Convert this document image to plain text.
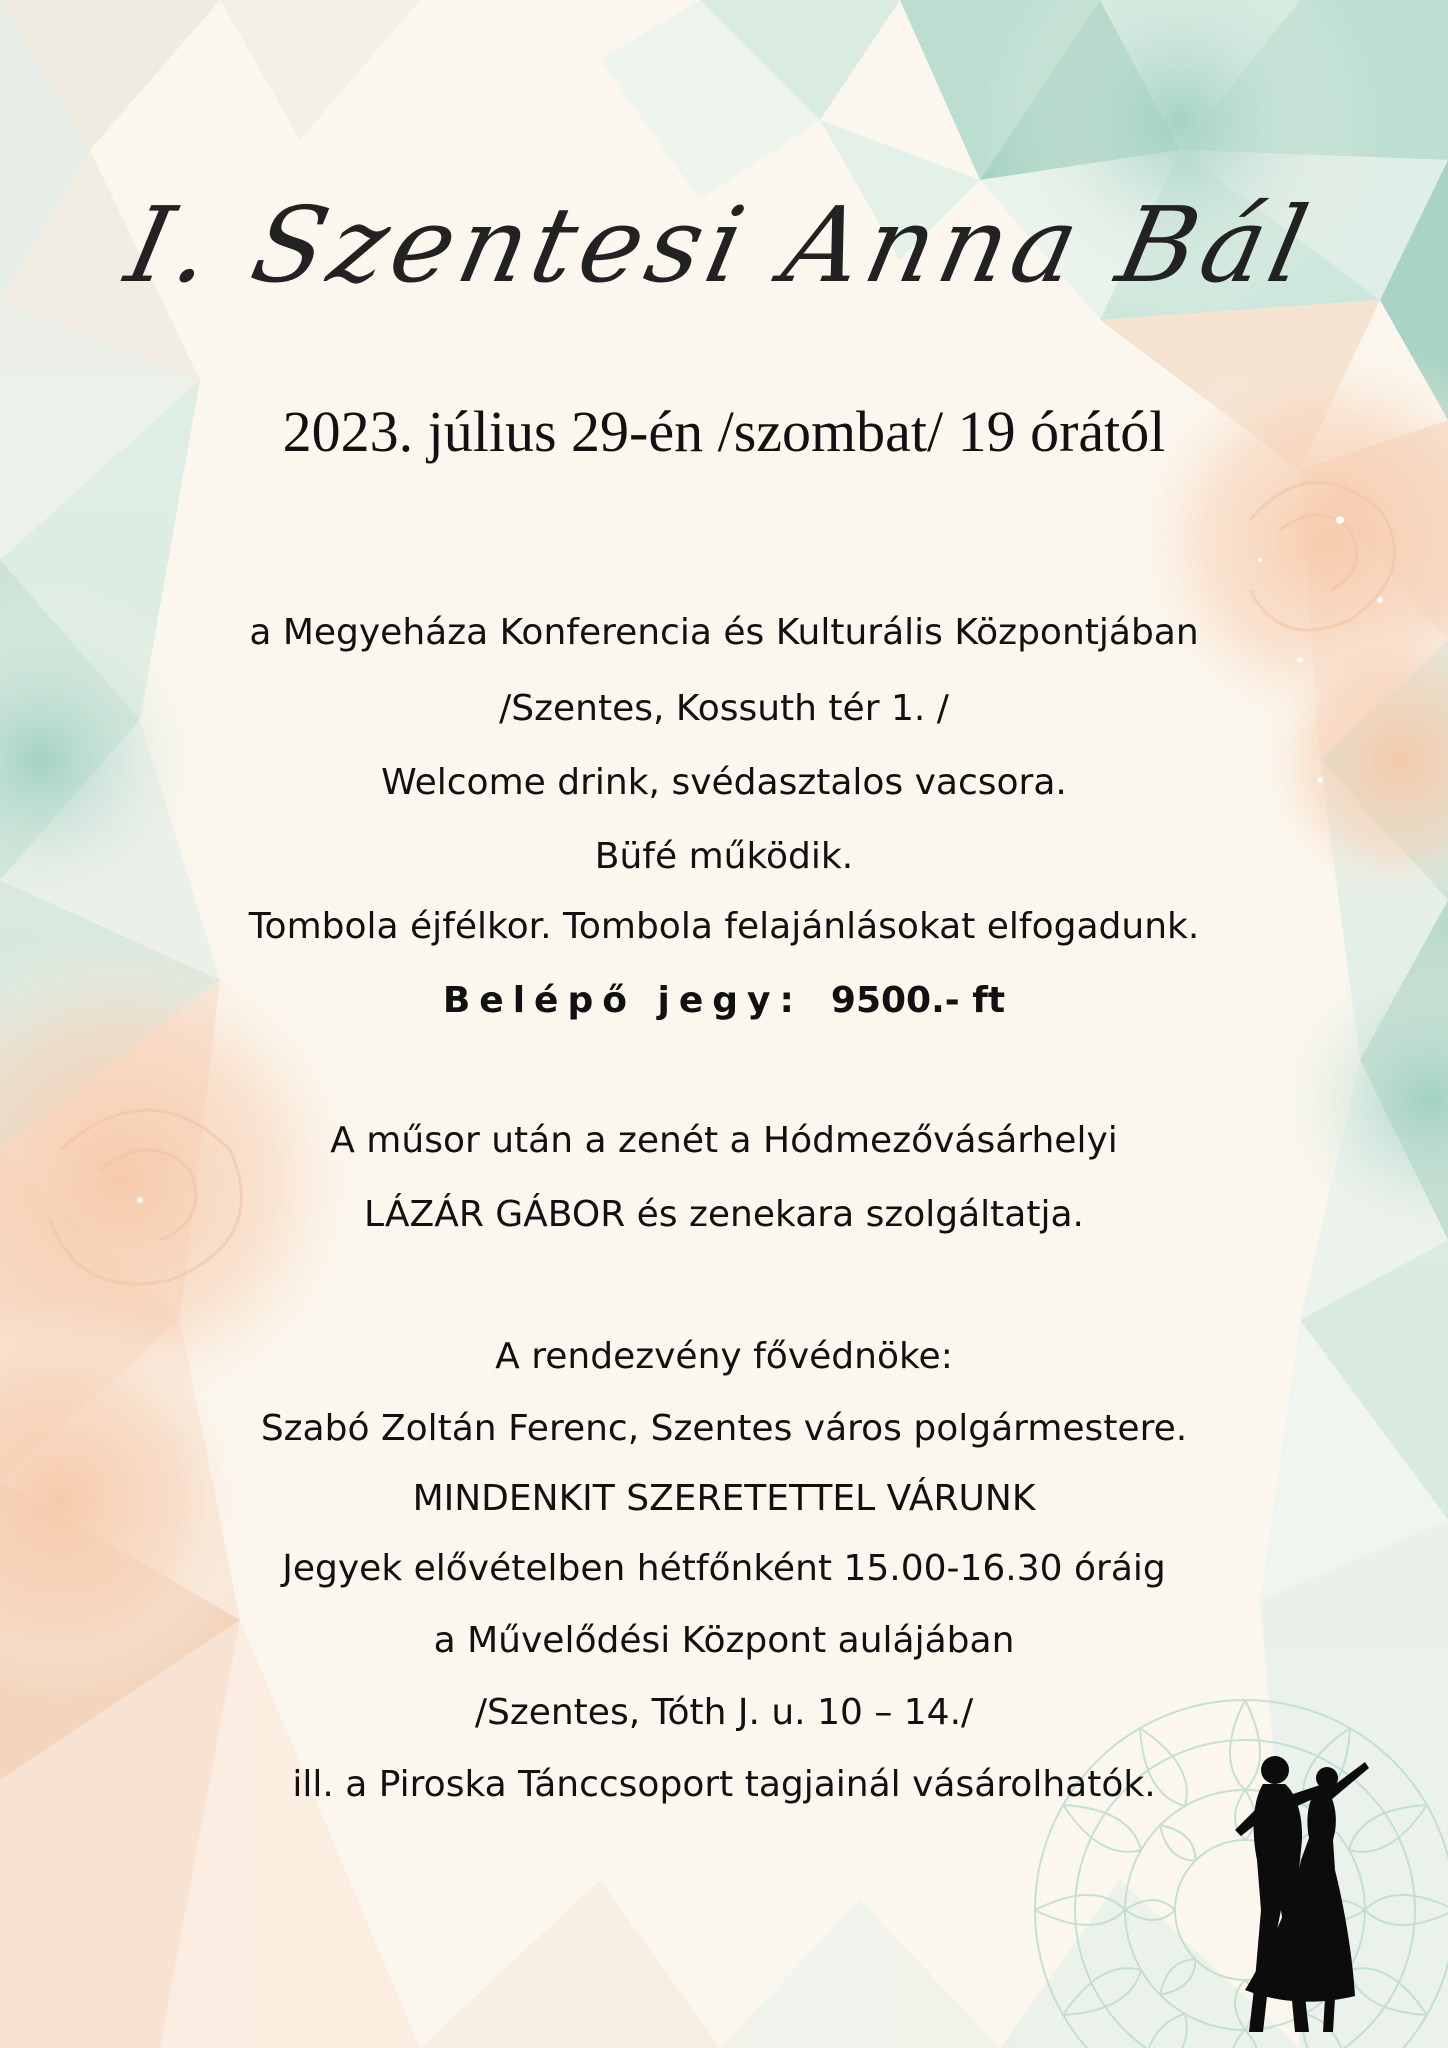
I. Szentesi Anna Bál
2023. július 29-én /szombat/ 19 órától
a Megyeháza Konferencia és Kulturális Központjában
/Szentes, Kossuth tér 1. /
Welcome drink, svédasztalos vacsora.
Büfé működik.
Tombola éjfélkor. Tombola felajánlásokat elfogadunk.
Belépő jegy: 9500.- ft
A műsor után a zenét a Hódmezővásárhelyi
LÁZÁR GÁBOR és zenekara szolgáltatja.
A rendezvény fővédnöke:
Szabó Zoltán Ferenc, Szentes város polgármestere.
MINDENKIT SZERETETTEL VÁRUNK
Jegyek elővételben hétfőnként 15.00-16.30 óráig
a Művelődési Központ aulájában
/Szentes, Tóth J. u. 10 – 14./
ill. a Piroska Tánccsoport tagjainál vásárolhatók.
